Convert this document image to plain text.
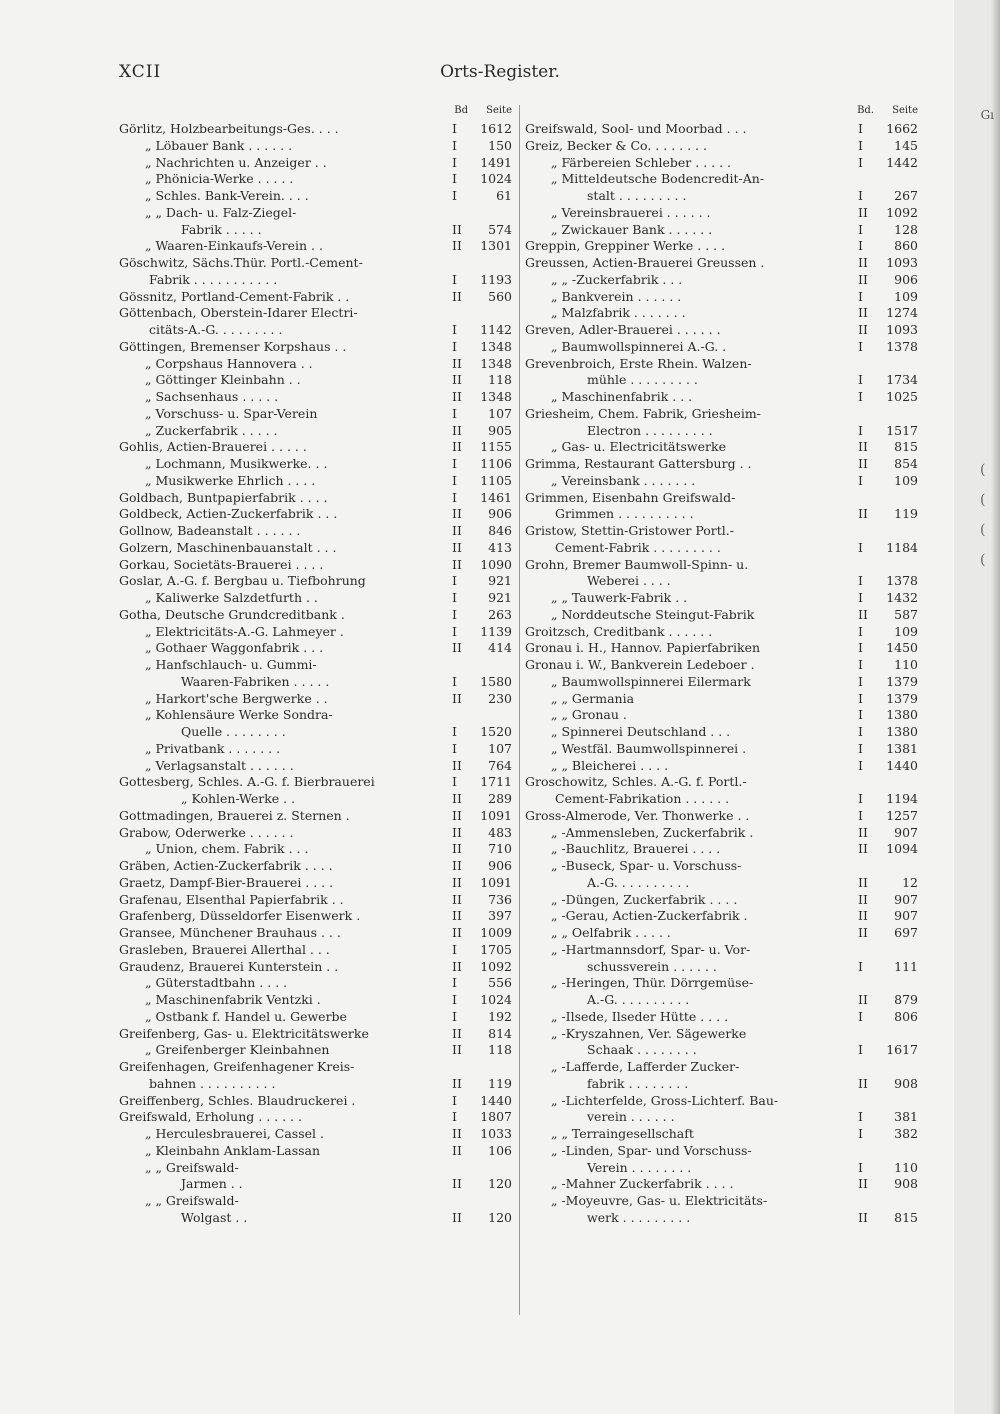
Orts-Register.
XCII
Bd Seite
Görlitz, Holzbearbeitungs-Ges. . . .	I	1612
„ Löbauer Bank . . . . . .	I	150
„ Nachrichten u. Anzeiger . .	I	1491
„ Phönicia-Werke . . . . .	I	1024
„ Schles. Bank-Verein. . . .	I	61
„ „ Dach- u. Falz-Ziegel-
Fabrik . . . . .	II	574
„ Waaren-Einkaufs-Verein . .	II	1301
Göschwitz, Sächs.Thür. Portl.-Cement-
Fabrik . . . . . . . . . . .	I	1193
Gössnitz, Portland-Cement-Fabrik . .	II	560
Göttenbach, Oberstein-Idarer Electri-
citäts-A.-G. . . . . . . . .	I	1142
Göttingen, Bremenser Korpshaus . .	I	1348
„ Corpshaus Hannovera . .	II	1348
„ Göttinger Kleinbahn . .	II	118
„ Sachsenhaus . . . . .	II	1348
„ Vorschuss- u. Spar-Verein	I	107
„ Zuckerfabrik . . . . .	II	905
Gohlis, Actien-Brauerei . . . . .	II	1155
„ Lochmann, Musikwerke. . .	I	1106
„ Musikwerke Ehrlich . . . .	I	1105
Goldbach, Buntpapierfabrik . . . .	I	1461
Goldbeck, Actien-Zuckerfabrik . . .	II	906
Gollnow, Badeanstalt . . . . . .	II	846
Golzern, Maschinenbauanstalt . . .	II	413
Gorkau, Societäts-Brauerei . . . .	II	1090
Goslar, A.-G. f. Bergbau u. Tiefbohrung	I	921
„ Kaliwerke Salzdetfurth . .	I	921
Gotha, Deutsche Grundcreditbank .	I	263
„ Elektricitäts-A.-G. Lahmeyer .	I	1139
„ Gothaer Waggonfabrik . . .	II	414
„ Hanfschlauch- u. Gummi-
Waaren-Fabriken . . . . .	I	1580
„ Harkort'sche Bergwerke . .	II	230
„ Kohlensäure Werke Sondra-
Quelle . . . . . . . .	I	1520
„ Privatbank . . . . . . .	I	107
„ Verlagsanstalt . . . . . .	II	764
Gottesberg, Schles. A.-G. f. Bierbrauerei	I	1711
„ Kohlen-Werke . .	II	289
Gottmadingen, Brauerei z. Sternen .	II	1091
Grabow, Oderwerke . . . . . .	II	483
„ Union, chem. Fabrik . . .	II	710
Gräben, Actien-Zuckerfabrik . . . .	II	906
Graetz, Dampf-Bier-Brauerei . . . .	II	1091
Grafenau, Elsenthal Papierfabrik . .	II	736
Grafenberg, Düsseldorfer Eisenwerk .	II	397
Gransee, Münchener Brauhaus . . .	II	1009
Grasleben, Brauerei Allerthal . . .	I	1705
Graudenz, Brauerei Kunterstein . .	II	1092
„ Güterstadtbahn . . . .	I	556
„ Maschinenfabrik Ventzki .	I	1024
„ Ostbank f. Handel u. Gewerbe	I	192
Greifenberg, Gas- u. Elektricitätswerke	II	814
„ Greifenberger Kleinbahnen	II	118
Greifenhagen, Greifenhagener Kreis-
bahnen . . . . . . . . . .	II	119
Greiffenberg, Schles. Blaudruckerei .	I	1440
Greifswald, Erholung . . . . . .	I	1807
„ Herculesbrauerei, Cassel .	II	1033
„ Kleinbahn Anklam-Lassan	II	106
„ „ Greifswald-
Jarmen . .	II	120
„ „ Greifswald-
Wolgast . .	II	120
Bd. Seite
Greifswald, Sool- und Moorbad . . .	I	1662
Greiz, Becker & Co. . . . . . . .	I	145
„ Färbereien Schleber . . . . .	I	1442
„ Mitteldeutsche Bodencredit-An-
stalt . . . . . . . . .	I	267
„ Vereinsbrauerei . . . . . .	II	1092
„ Zwickauer Bank . . . . . .	I	128
Greppin, Greppiner Werke . . . .	I	860
Greussen, Actien-Brauerei Greussen .	II	1093
„ „ -Zuckerfabrik . . .	II	906
„ Bankverein . . . . . .	I	109
„ Malzfabrik . . . . . . .	II	1274
Greven, Adler-Brauerei . . . . . .	II	1093
„ Baumwollspinnerei A.-G. .	I	1378
Grevenbroich, Erste Rhein. Walzen-
mühle . . . . . . . . .	I	1734
„ Maschinenfabrik . . .	I	1025
Griesheim, Chem. Fabrik, Griesheim-
Electron . . . . . . . . .	I	1517
„ Gas- u. Electricitätswerke	II	815
Grimma, Restaurant Gattersburg . .	II	854
„ Vereinsbank . . . . . . .	I	109
Grimmen, Eisenbahn Greifswald-
Grimmen . . . . . . . . . .	II	119
Gristow, Stettin-Gristower Portl.-
Cement-Fabrik . . . . . . . . .	I	1184
Grohn, Bremer Baumwoll-Spinn- u.
Weberei . . . .	I	1378
„ „ Tauwerk-Fabrik . .	I	1432
„ Norddeutsche Steingut-Fabrik	II	587
Groitzsch, Creditbank . . . . . .	I	109
Gronau i. H., Hannov. Papierfabriken	I	1450
Gronau i. W., Bankverein Ledeboer .	I	110
„ Baumwollspinnerei Eilermark	I	1379
„ „ Germania	I	1379
„ „ Gronau .	I	1380
„ Spinnerei Deutschland . . .	I	1380
„ Westfäl. Baumwollspinnerei .	I	1381
„ „ Bleicherei . . . .	I	1440
Groschowitz, Schles. A.-G. f. Portl.-
Cement-Fabrikation . . . . . .	I	1194
Gross-Almerode, Ver. Thonwerke . .	I	1257
„ -Ammensleben, Zuckerfabrik .	II	907
„ -Bauchlitz, Brauerei . . . .	II	1094
„ -Buseck, Spar- u. Vorschuss-
A.-G. . . . . . . . . .	II	12
„ -Düngen, Zuckerfabrik . . . .	II	907
„ -Gerau, Actien-Zuckerfabrik .	II	907
„ „ Oelfabrik . . . . .	II	697
„ -Hartmannsdorf, Spar- u. Vor-
schussverein . . . . . .	I	111
„ -Heringen, Thür. Dörrgemüse-
A.-G. . . . . . . . . .	II	879
„ -Ilsede, Ilseder Hütte . . . .	I	806
„ -Kryszahnen, Ver. Sägewerke
Schaak . . . . . . . .	I	1617
„ -Lafferde, Lafferder Zucker-
fabrik . . . . . . . .	II	908
„ -Lichterfelde, Gross-Lichterf. Bau-
verein . . . . . .	I	381
„ „ Terraingesellschaft	I	382
„ -Linden, Spar- und Vorschuss-
Verein . . . . . . . .	I	110
„ -Mahner Zuckerfabrik . . . .	II	908
„ -Moyeuvre, Gas- u. Elektricitäts-
werk . . . . . . . . .	II	815
Gı
(
(
(
(
